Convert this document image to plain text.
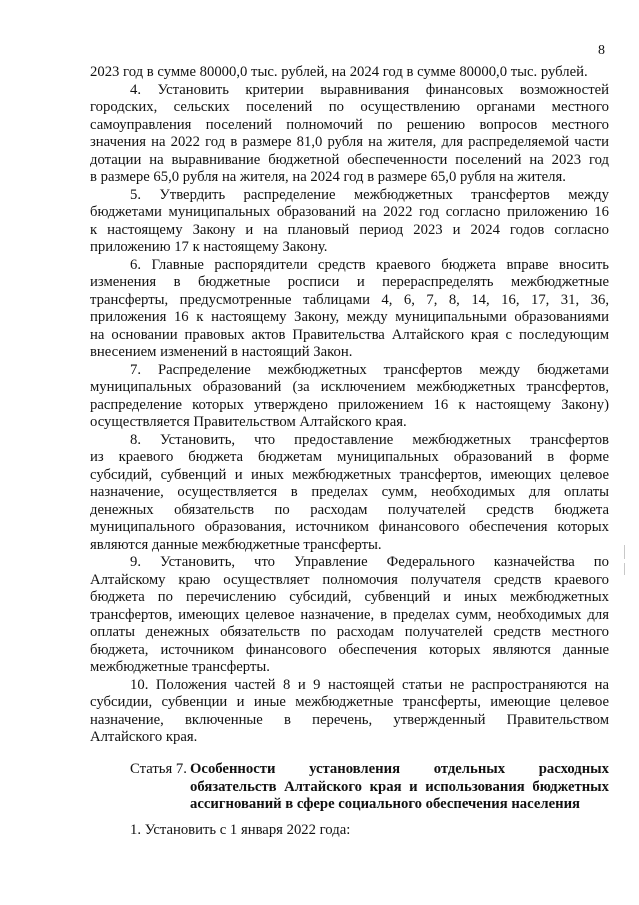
8
2023 год в сумме 80000,0 тыс. рублей, на 2024 год в сумме 80000,0 тыс. рублей.
4. Установить критерии выравнивания финансовых возможностей
городских, сельских поселений по осуществлению органами местного
самоуправления поселений полномочий по решению вопросов местного
значения на 2022 год в размере 81,0 рубля на жителя, для распределяемой части
дотации на выравнивание бюджетной обеспеченности поселений на 2023 год
в размере 65,0 рубля на жителя, на 2024 год в размере 65,0 рубля на жителя.
5. Утвердить распределение межбюджетных трансфертов между
бюджетами муниципальных образований на 2022 год согласно приложению 16
к настоящему Закону и на плановый период 2023 и 2024 годов согласно
приложению 17 к настоящему Закону.
6. Главные распорядители средств краевого бюджета вправе вносить
изменения в бюджетные росписи и перераспределять межбюджетные
трансферты, предусмотренные таблицами 4, 6, 7, 8, 14, 16, 17, 31, 36,
приложения 16 к настоящему Закону, между муниципальными образованиями
на основании правовых актов Правительства Алтайского края с последующим
внесением изменений в настоящий Закон.
7. Распределение межбюджетных трансфертов между бюджетами
муниципальных образований (за исключением межбюджетных трансфертов,
распределение которых утверждено приложением 16 к настоящему Закону)
осуществляется Правительством Алтайского края.
8. Установить, что предоставление межбюджетных трансфертов
из краевого бюджета бюджетам муниципальных образований в форме
субсидий, субвенций и иных межбюджетных трансфертов, имеющих целевое
назначение, осуществляется в пределах сумм, необходимых для оплаты
денежных обязательств по расходам получателей средств бюджета
муниципального образования, источником финансового обеспечения которых
являются данные межбюджетные трансферты.
9. Установить, что Управление Федерального казначейства по
Алтайскому краю осуществляет полномочия получателя средств краевого
бюджета по перечислению субсидий, субвенций и иных межбюджетных
трансфертов, имеющих целевое назначение, в пределах сумм, необходимых для
оплаты денежных обязательств по расходам получателей средств местного
бюджета, источником финансового обеспечения которых являются данные
межбюджетные трансферты.
10. Положения частей 8 и 9 настоящей статьи не распространяются на
субсидии, субвенции и иные межбюджетные трансферты, имеющие целевое
назначение, включенные в перечень, утвержденный Правительством
Алтайского края.
Статья 7. Особенности установления отдельных расходных
обязательств Алтайского края и использования бюджетных
ассигнований в сфере социального обеспечения населения
1. Установить с 1 января 2022 года:
